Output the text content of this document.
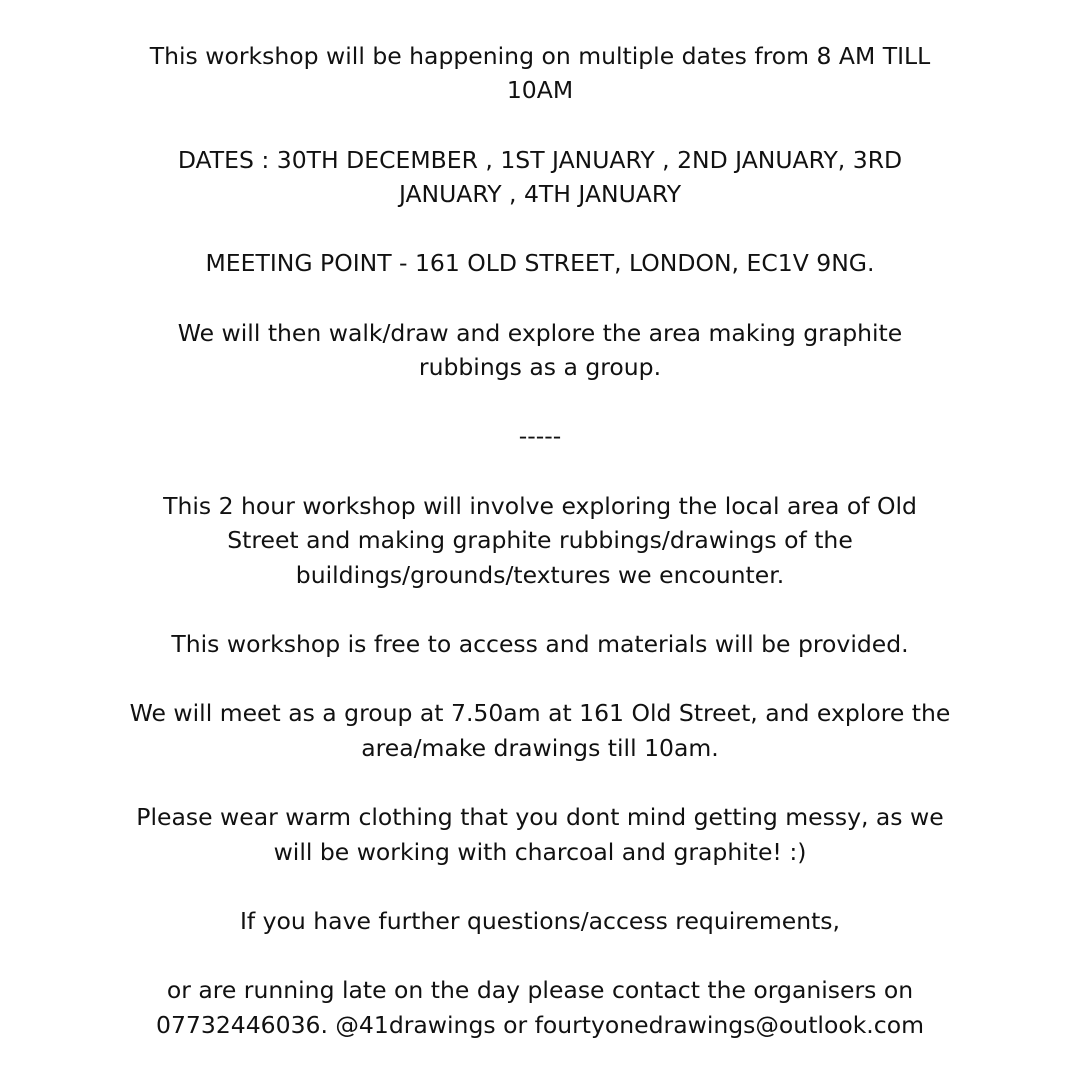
This workshop will be happening on multiple dates from 8 AM TILL
10AM
DATES : 30TH DECEMBER , 1ST JANUARY , 2ND JANUARY, 3RD
JANUARY , 4TH JANUARY
MEETING POINT - 161 OLD STREET, LONDON, EC1V 9NG.
We will then walk/draw and explore the area making graphite
rubbings as a group.
-----
This 2 hour workshop will involve exploring the local area of Old
Street and making graphite rubbings/drawings of the
buildings/grounds/textures we encounter.
This workshop is free to access and materials will be provided.
We will meet as a group at 7.50am at 161 Old Street, and explore the
area/make drawings till 10am.
Please wear warm clothing that you dont mind getting messy, as we
will be working with charcoal and graphite! :)
If you have further questions/access requirements,
or are running late on the day please contact the organisers on
07732446036. @41drawings or fourtyonedrawings@outlook.com
